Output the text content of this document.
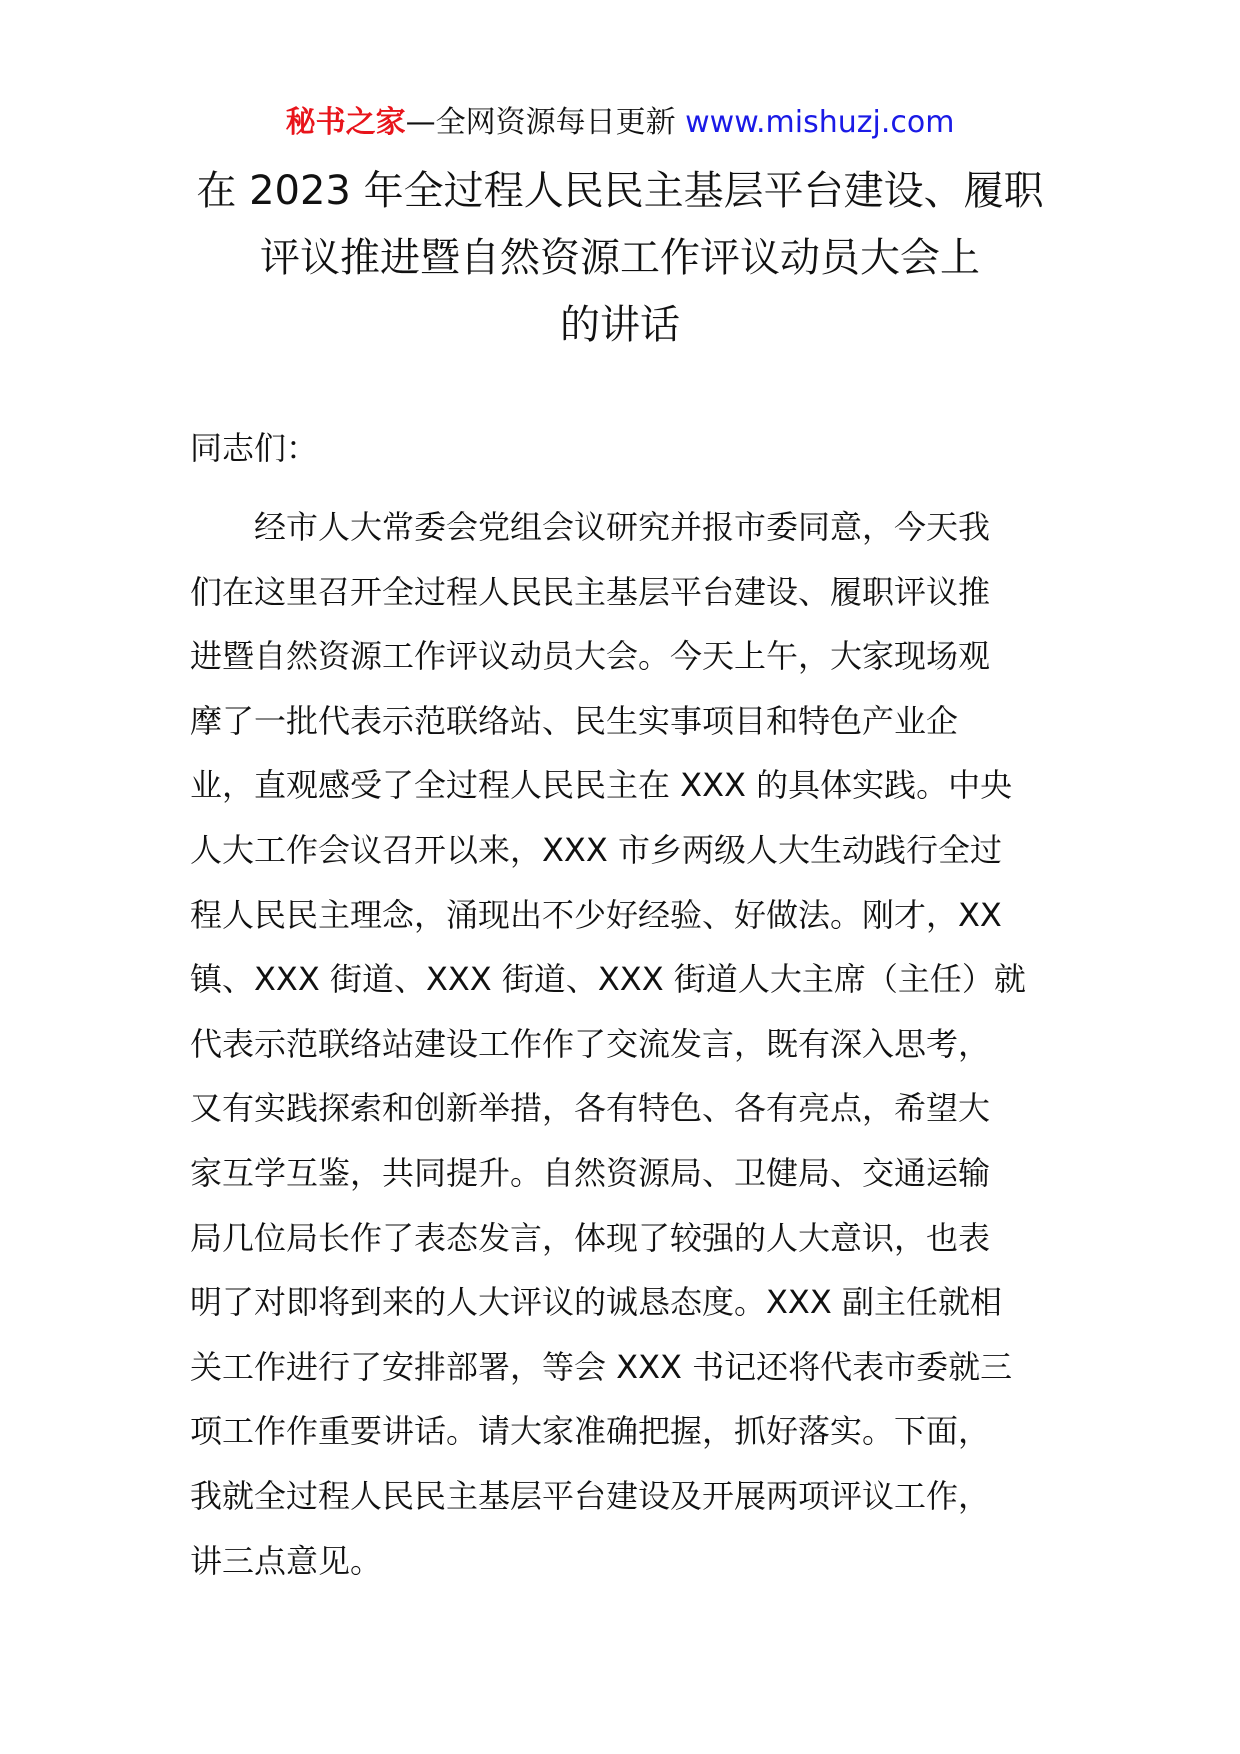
秘书之家—全网资源每日更新 www.mishuzj.com
在 2023 年全过程人民民主基层平台建设、履职
评议推进暨自然资源工作评议动员大会上
的讲话

同志们：

经市人大常委会党组会议研究并报市委同意，今天我
们在这里召开全过程人民民主基层平台建设、履职评议推
进暨自然资源工作评议动员大会。今天上午，大家现场观
摩了一批代表示范联络站、民生实事项目和特色产业企
业，直观感受了全过程人民民主在 XXX 的具体实践。中央
人大工作会议召开以来，XXX 市乡两级人大生动践行全过
程人民民主理念，涌现出不少好经验、好做法。刚才，XX
镇、XXX 街道、XXX 街道、XXX 街道人大主席（主任）就
代表示范联络站建设工作作了交流发言，既有深入思考，
又有实践探索和创新举措，各有特色、各有亮点，希望大
家互学互鉴，共同提升。自然资源局、卫健局、交通运输
局几位局长作了表态发言，体现了较强的人大意识，也表
明了对即将到来的人大评议的诚恳态度。XXX 副主任就相
关工作进行了安排部署，等会 XXX 书记还将代表市委就三
项工作作重要讲话。请大家准确把握，抓好落实。下面，
我就全过程人民民主基层平台建设及开展两项评议工作，
讲三点意见。
